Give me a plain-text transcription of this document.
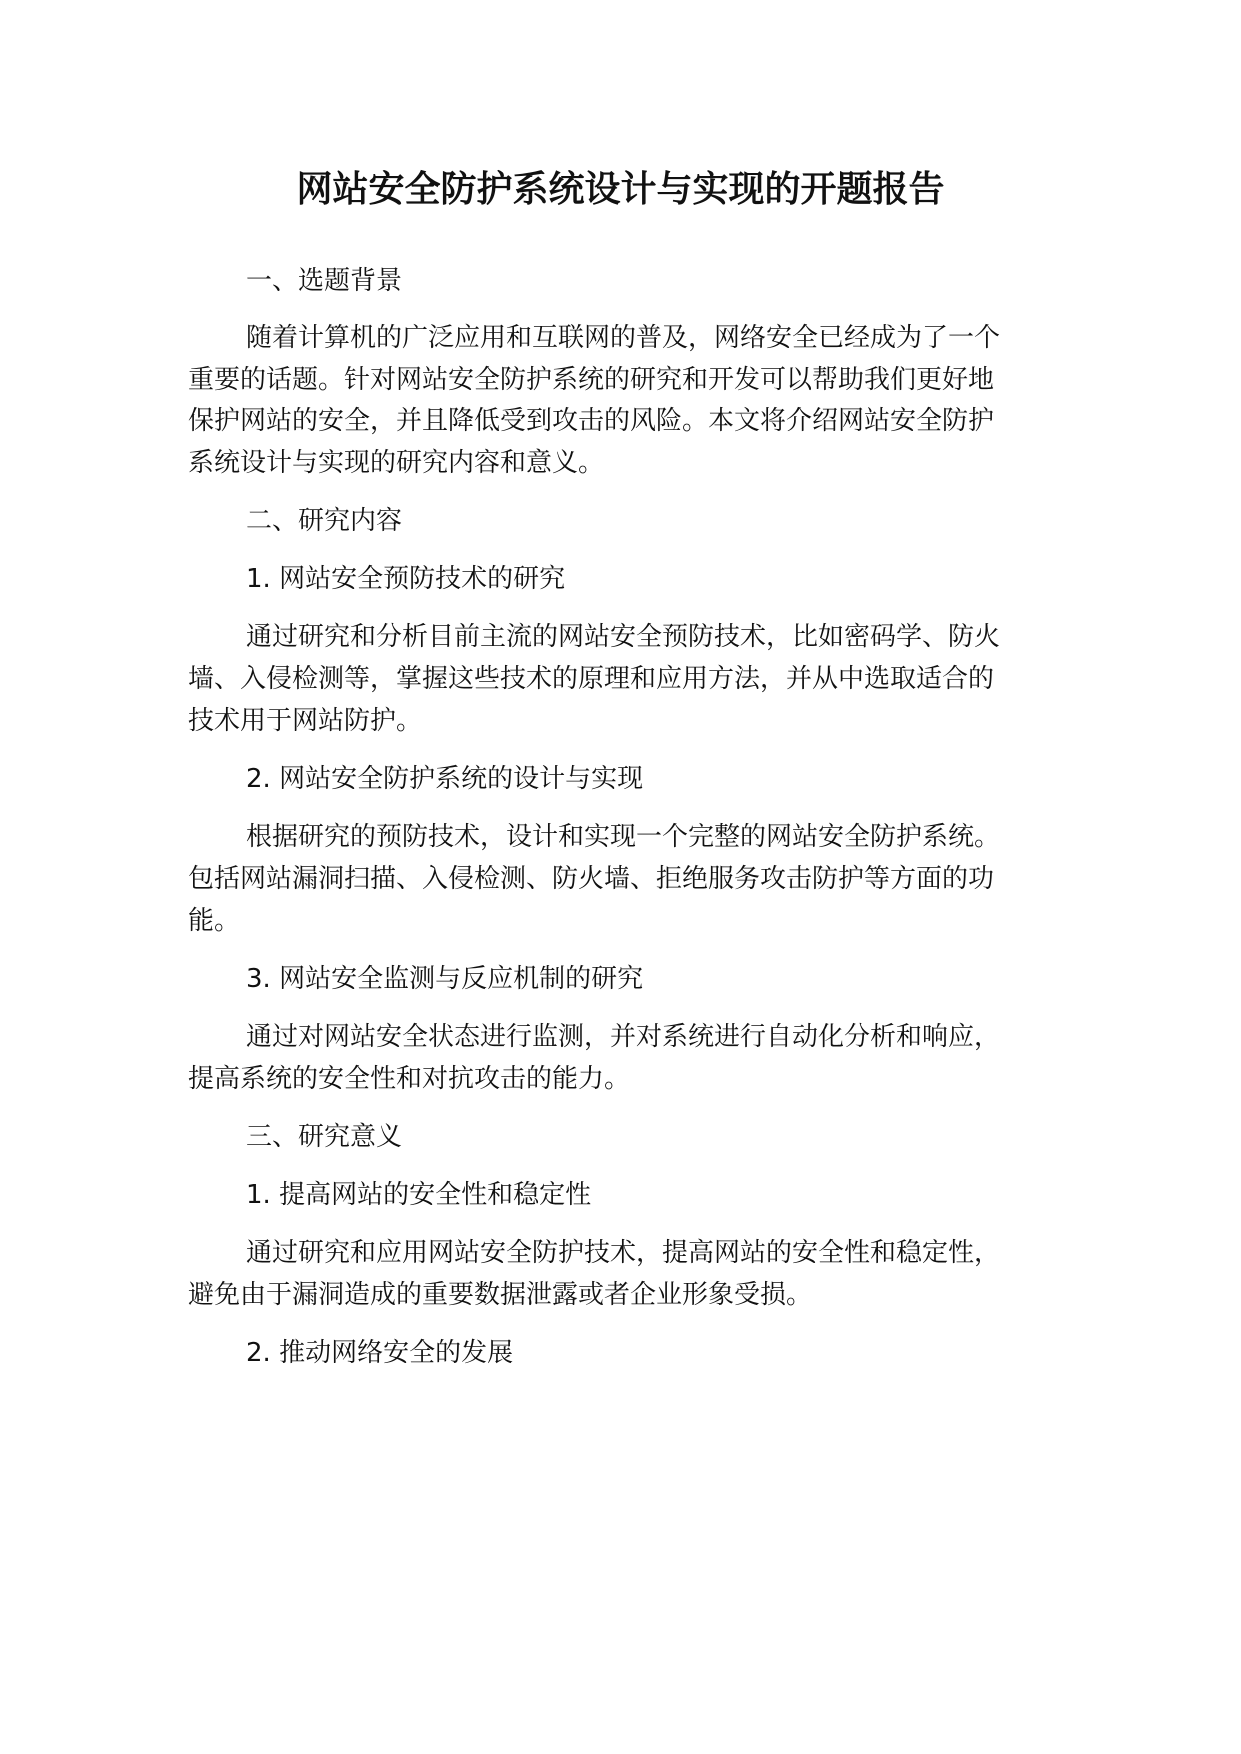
网站安全防护系统设计与实现的开题报告
一、选题背景
随着计算机的广泛应用和互联网的普及，网络安全已经成为了一个
重要的话题。针对网站安全防护系统的研究和开发可以帮助我们更好地
保护网站的安全，并且降低受到攻击的风险。本文将介绍网站安全防护
系统设计与实现的研究内容和意义。
二、研究内容
1. 网站安全预防技术的研究
通过研究和分析目前主流的网站安全预防技术，比如密码学、防火
墙、入侵检测等，掌握这些技术的原理和应用方法，并从中选取适合的
技术用于网站防护。
2. 网站安全防护系统的设计与实现
根据研究的预防技术，设计和实现一个完整的网站安全防护系统。
包括网站漏洞扫描、入侵检测、防火墙、拒绝服务攻击防护等方面的功
能。
3. 网站安全监测与反应机制的研究
通过对网站安全状态进行监测，并对系统进行自动化分析和响应，
提高系统的安全性和对抗攻击的能力。
三、研究意义
1. 提高网站的安全性和稳定性
通过研究和应用网站安全防护技术，提高网站的安全性和稳定性，
避免由于漏洞造成的重要数据泄露或者企业形象受损。
2. 推动网络安全的发展
